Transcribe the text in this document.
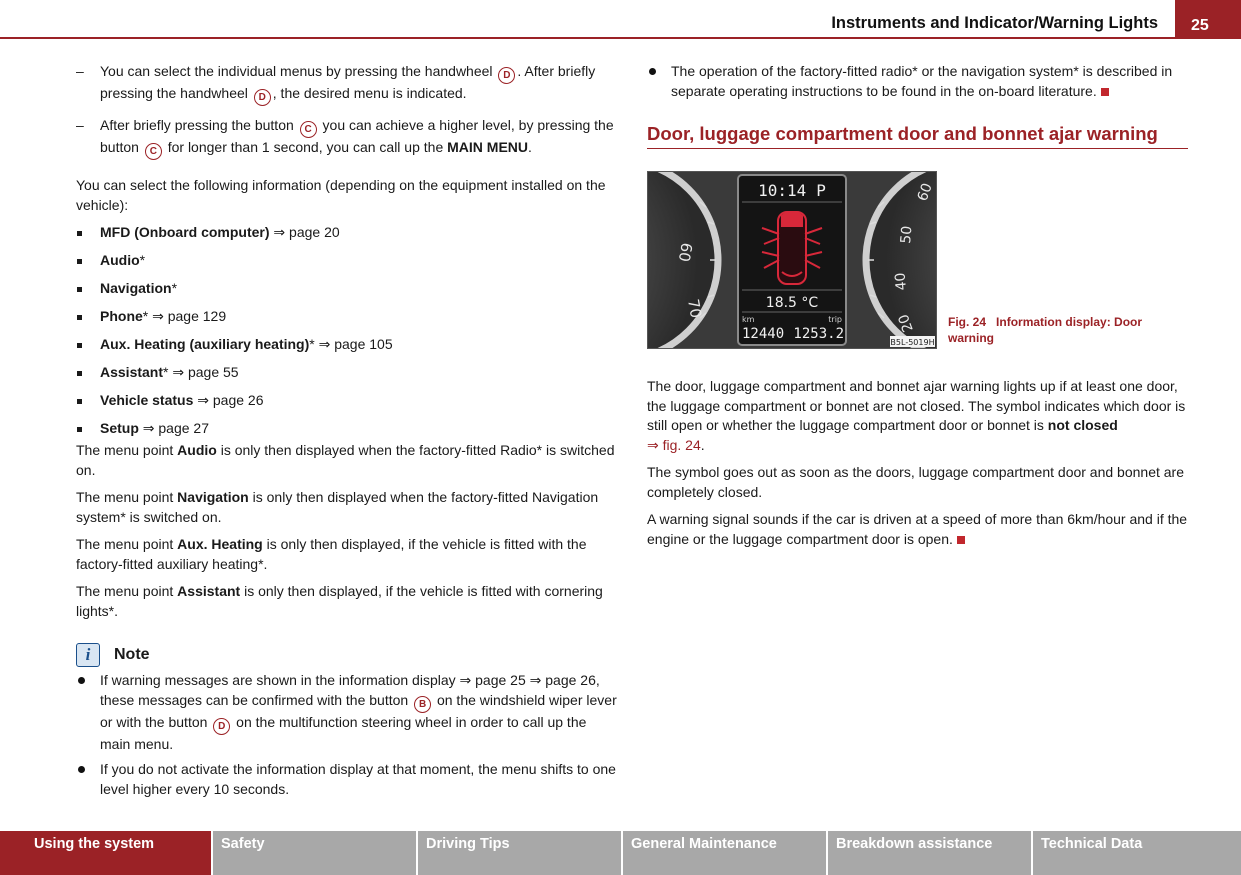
Instruments and Indicator/Warning Lights	25
– You can select the individual menus by pressing the handwheel D . After briefly pressing the handwheel D , the desired menu is indicated.
– After briefly pressing the button C you can achieve a higher level, by pressing the button C for longer than 1 second, you can call up the MAIN MENU.

You can select the following information (depending on the equipment installed on the vehicle):

MFD (Onboard computer) ⇒ page 20
Audio*
Navigation*
Phone* ⇒ page 129
Aux. Heating (auxiliary heating)* ⇒ page 105
Assistant* ⇒ page 55
Vehicle status ⇒ page 26
Setup ⇒ page 27

The menu point Audio is only then displayed when the factory-fitted Radio* is switched on.

The menu point Navigation is only then displayed when the factory-fitted Navigation system* is switched on.

The menu point Aux. Heating is only then displayed, if the vehicle is fitted with the factory-fitted auxiliary heating*.

The menu point Assistant is only then displayed, if the vehicle is fitted with cornering lights*.

i	Note
If warning messages are shown in the information display ⇒ page 25 ⇒ page 26, these messages can be confirmed with the button B on the windshield wiper lever or with the button D on the multifunction steering wheel in order to call up the main menu.
If you do not activate the information display at that moment, the menu shifts to one level higher every 10 seconds.
The operation of the factory-fitted radio* or the navigation system* is described in separate operating instructions to be found in the on-board literature.
Door, luggage compartment door and bonnet ajar warning
60
70
60
50
40
20
10:14 P
18.5 °C
km	trip
12440 1253.2
B5L-5019H
Fig. 24 Information display: Door warning

The door, luggage compartment and bonnet ajar warning lights up if at least one door, the luggage compartment or bonnet are not closed. The symbol indicates which door is still open or whether the luggage compartment door or bonnet is not closed
⇒ fig. 24.

The symbol goes out as soon as the doors, luggage compartment door and bonnet are completely closed.

A warning signal sounds if the car is driven at a speed of more than 6km/hour and if the engine or the luggage compartment door is open.

Using the system	Safety	Driving Tips	General Maintenance	Breakdown assistance	Technical Data
